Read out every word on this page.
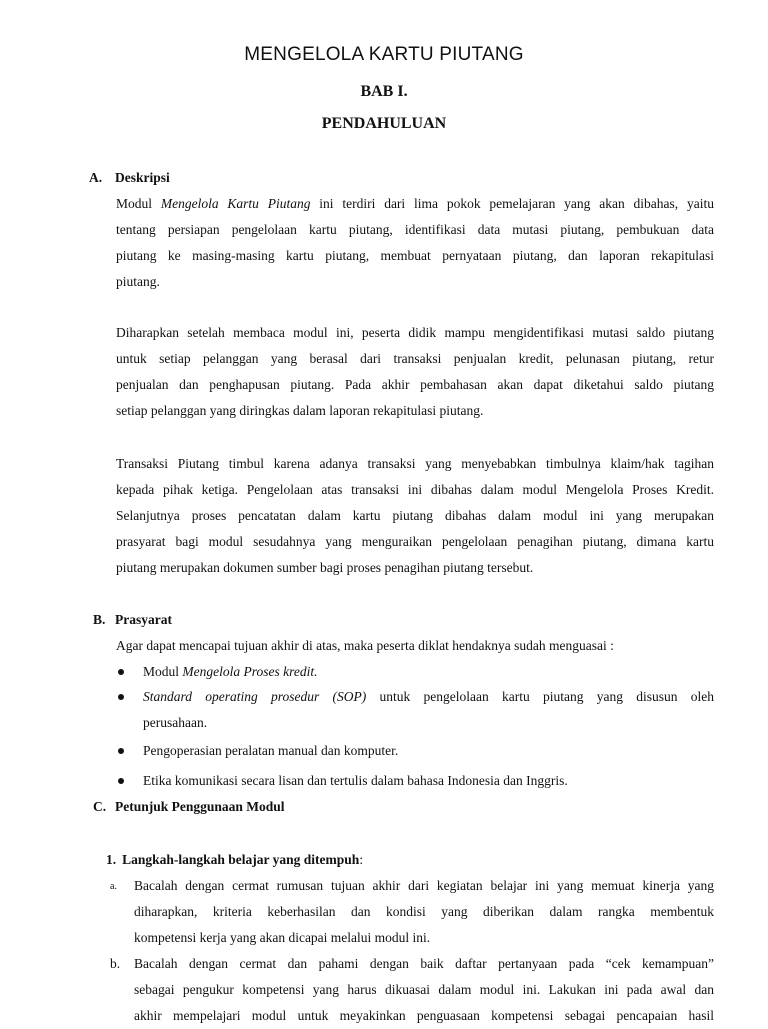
MENGELOLA KARTU PIUTANG
BAB I.
PENDAHULUAN
A. Deskripsi
Modul Mengelola Kartu Piutang ini terdiri dari lima pokok pemelajaran yang akan dibahas, yaitu
tentang persiapan pengelolaan kartu piutang, identifikasi data mutasi piutang, pembukuan data
piutang ke masing-masing kartu piutang, membuat pernyataan piutang, dan laporan rekapitulasi
piutang.
Diharapkan setelah membaca modul ini, peserta didik mampu mengidentifikasi mutasi saldo piutang
untuk setiap pelanggan yang berasal dari transaksi penjualan kredit, pelunasan piutang, retur
penjualan dan penghapusan piutang. Pada akhir pembahasan akan dapat diketahui saldo piutang
setiap pelanggan yang diringkas dalam laporan rekapitulasi piutang.
Transaksi Piutang timbul karena adanya transaksi yang menyebabkan timbulnya klaim/hak tagihan
kepada pihak ketiga. Pengelolaan atas transaksi ini dibahas dalam modul Mengelola Proses Kredit.
Selanjutnya proses pencatatan dalam kartu piutang dibahas dalam modul ini yang merupakan
prasyarat bagi modul sesudahnya yang menguraikan pengelolaan penagihan piutang, dimana kartu
piutang merupakan dokumen sumber bagi proses penagihan piutang tersebut.
B. Prasyarat
Agar dapat mencapai tujuan akhir di atas, maka peserta diklat hendaknya sudah menguasai :
Modul Mengelola Proses kredit.
Standard operating prosedur (SOP) untuk pengelolaan kartu piutang yang disusun oleh
perusahaan.
Pengoperasian peralatan manual dan komputer.
Etika komunikasi secara lisan dan tertulis dalam bahasa Indonesia dan Inggris.
C. Petunjuk Penggunaan Modul
1. Langkah-langkah belajar yang ditempuh:
a. Bacalah dengan cermat rumusan tujuan akhir dari kegiatan belajar ini yang memuat kinerja yang
diharapkan, kriteria keberhasilan dan kondisi yang diberikan dalam rangka membentuk
kompetensi kerja yang akan dicapai melalui modul ini.
b. Bacalah dengan cermat dan pahami dengan baik daftar pertanyaan pada “cek kemampuan”
sebagai pengukur kompetensi yang harus dikuasai dalam modul ini. Lakukan ini pada awal dan
akhir mempelajari modul untuk meyakinkan penguasaan kompetensi sebagai pencapaian hasil
